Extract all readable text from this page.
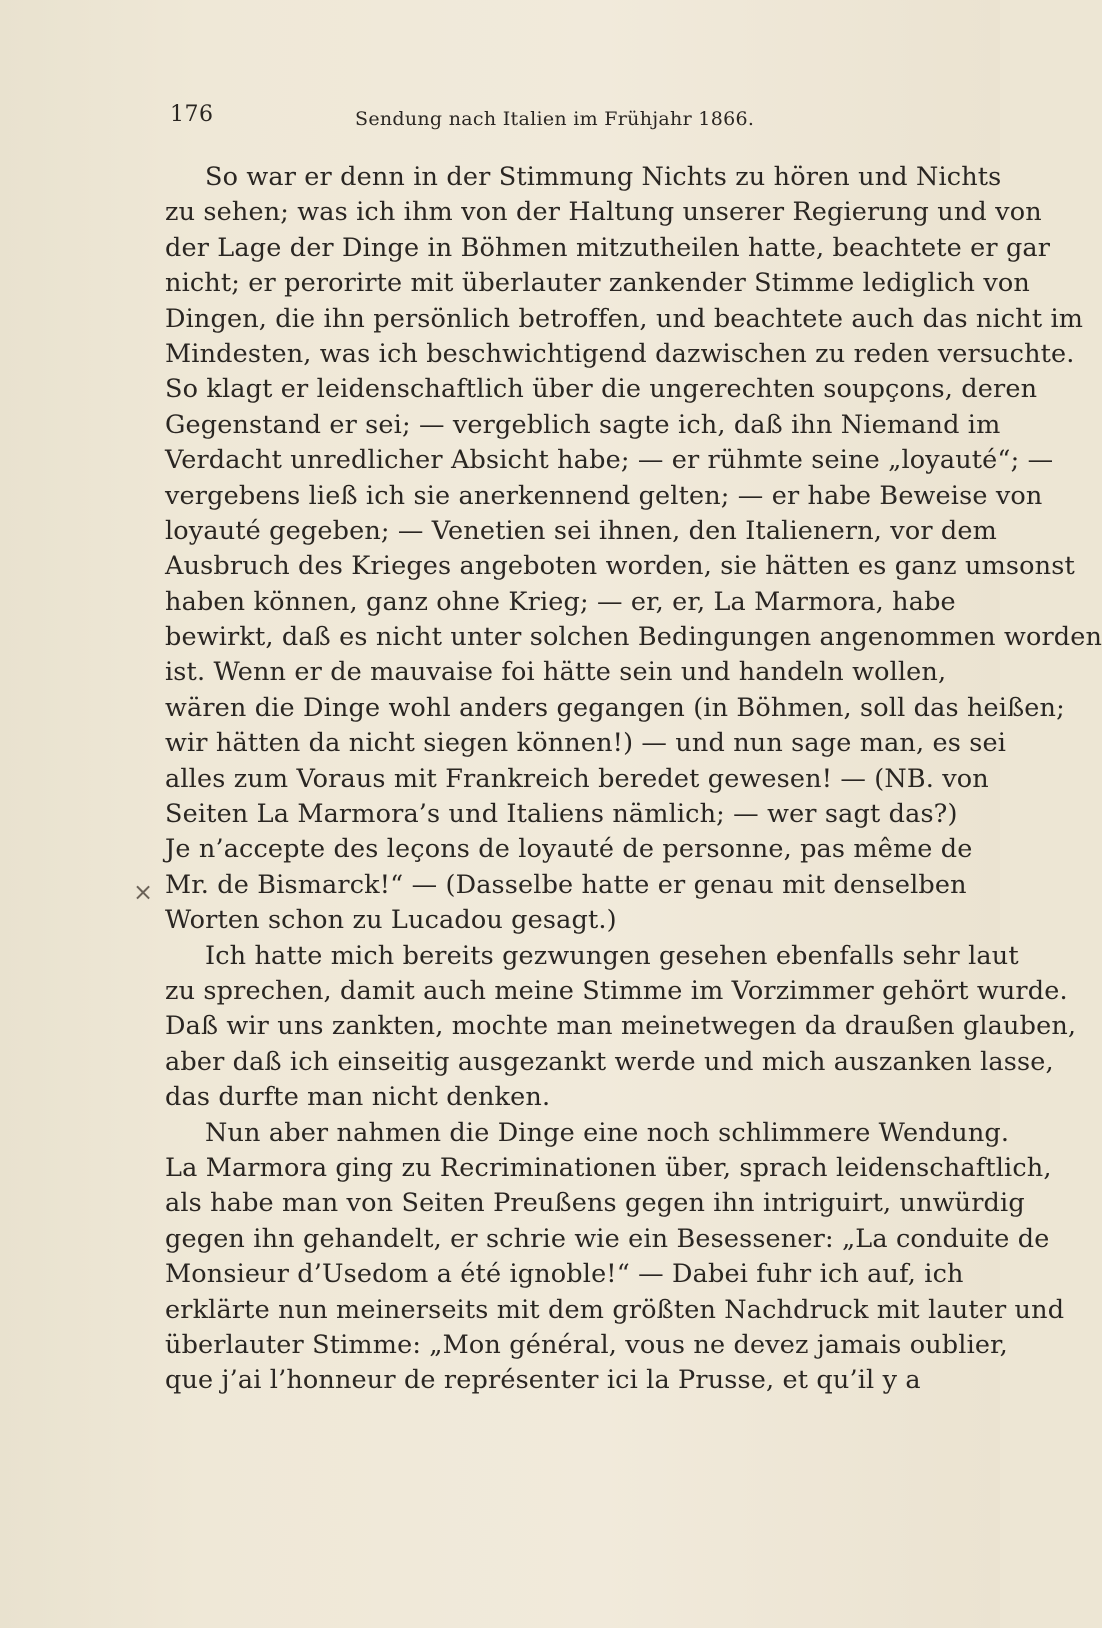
176	Sendung nach Italien im Frühjahr 1866.
×
So war er denn in der Stimmung Nichts zu hören und Nichts
zu sehen; was ich ihm von der Haltung unserer Regierung und von
der Lage der Dinge in Böhmen mitzutheilen hatte, beachtete er gar
nicht; er perorirte mit überlauter zankender Stimme lediglich von
Dingen, die ihn persönlich betroffen, und beachtete auch das nicht im
Mindesten, was ich beschwichtigend dazwischen zu reden versuchte.
So klagt er leidenschaftlich über die ungerechten soupçons, deren
Gegenstand er sei; — vergeblich sagte ich, daß ihn Niemand im
Verdacht unredlicher Absicht habe; — er rühmte seine „loyauté“; —
vergebens ließ ich sie anerkennend gelten; — er habe Beweise von
loyauté gegeben; — Venetien sei ihnen, den Italienern, vor dem
Ausbruch des Krieges angeboten worden, sie hätten es ganz umsonst
haben können, ganz ohne Krieg; — er, er, La Marmora, habe
bewirkt, daß es nicht unter solchen Bedingungen angenommen worden
ist. Wenn er de mauvaise foi hätte sein und handeln wollen,
wären die Dinge wohl anders gegangen (in Böhmen, soll das heißen;
wir hätten da nicht siegen können!) — und nun sage man, es sei
alles zum Voraus mit Frankreich beredet gewesen! — (NB. von
Seiten La Marmora’s und Italiens nämlich; — wer sagt das?)
Je n’accepte des leçons de loyauté de personne, pas même de
Mr. de Bismarck!“ — (Dasselbe hatte er genau mit denselben
Worten schon zu Lucadou gesagt.)
Ich hatte mich bereits gezwungen gesehen ebenfalls sehr laut
zu sprechen, damit auch meine Stimme im Vorzimmer gehört wurde.
Daß wir uns zankten, mochte man meinetwegen da draußen glauben,
aber daß ich einseitig ausgezankt werde und mich auszanken lasse,
das durfte man nicht denken.
Nun aber nahmen die Dinge eine noch schlimmere Wendung.
La Marmora ging zu Recriminationen über, sprach leidenschaftlich,
als habe man von Seiten Preußens gegen ihn intriguirt, unwürdig
gegen ihn gehandelt, er schrie wie ein Besessener: „La conduite de
Monsieur d’Usedom a été ignoble!“ — Dabei fuhr ich auf, ich
erklärte nun meinerseits mit dem größten Nachdruck mit lauter und
überlauter Stimme: „Mon général, vous ne devez jamais oublier,
que j’ai l’honneur de représenter ici la Prusse, et qu’il y a
